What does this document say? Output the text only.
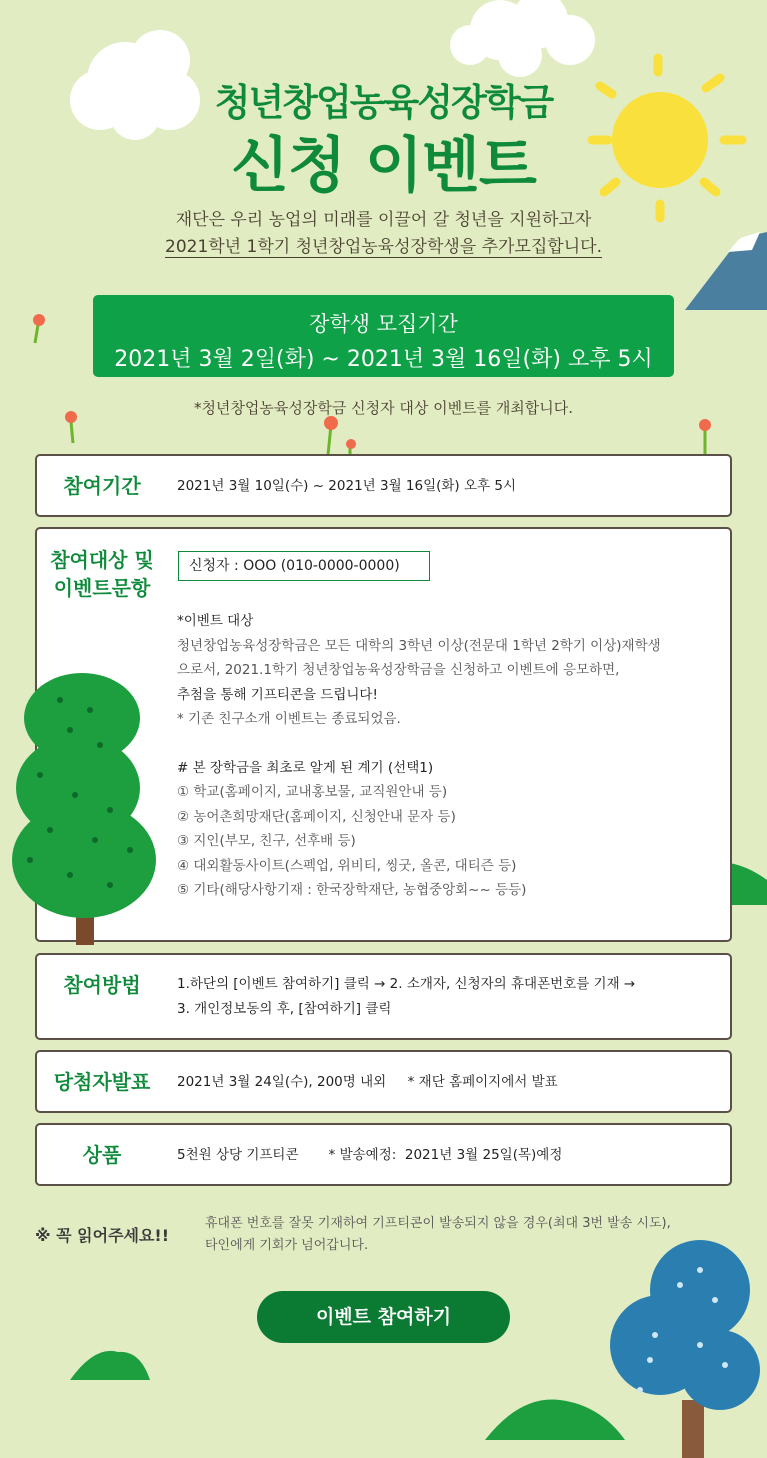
청년창업농육성장학금
신청 이벤트
재단은 우리 농업의 미래를 이끌어 갈 청년을 지원하고자
2021학년 1학기 청년창업농육성장학생을 추가모집합니다.
장학생 모집기간
2021년 3월 2일(화) ~ 2021년 3월 16일(화) 오후 5시
*청년창업농육성장학금 신청자 대상 이벤트를 개최합니다.
참여기간	2021년 3월 10일(수) ~ 2021년 3월 16일(화) 오후 5시
참여대상 및
이벤트문항
신청자 : OOO (010-0000-0000)
*이벤트 대상
청년창업농육성장학금은 모든 대학의 3학년 이상(전문대 1학년 2학기 이상)재학생
으로서, 2021.1학기 청년창업농육성장학금을 신청하고 이벤트에 응모하면,
추첨을 통해 기프티콘을 드립니다!
* 기존 친구소개 이벤트는 종료되었음.
# 본 장학금을 최초로 알게 된 계기 (선택1)
① 학교(홈페이지, 교내홍보물, 교직원안내 등)
② 농어촌희망재단(홈페이지, 신청안내 문자 등)
③ 지인(부모, 친구, 선후배 등)
④ 대외활동사이트(스펙업, 위비티, 씽굿, 올콘, 대티즌 등)
⑤ 기타(해당사항기재 : 한국장학재단, 농협중앙회~~ 등등)
참여방법	1.하단의 [이벤트 참여하기] 클릭 → 2. 소개자, 신청자의 휴대폰번호를 기재 →
3. 개인정보동의 후, [참여하기] 클릭
당첨자발표	2021년 3월 24일(수), 200명 내외     * 재단 홈페이지에서 발표
상품	5천원 상당 기프티콘       * 발송예정:  2021년 3월 25일(목)예정
※ 꼭 읽어주세요!!
휴대폰 번호를 잘못 기재하여 기프티콘이 발송되지 않을 경우(최대 3번 발송 시도),
타인에게 기회가 넘어갑니다.
이벤트 참여하기
